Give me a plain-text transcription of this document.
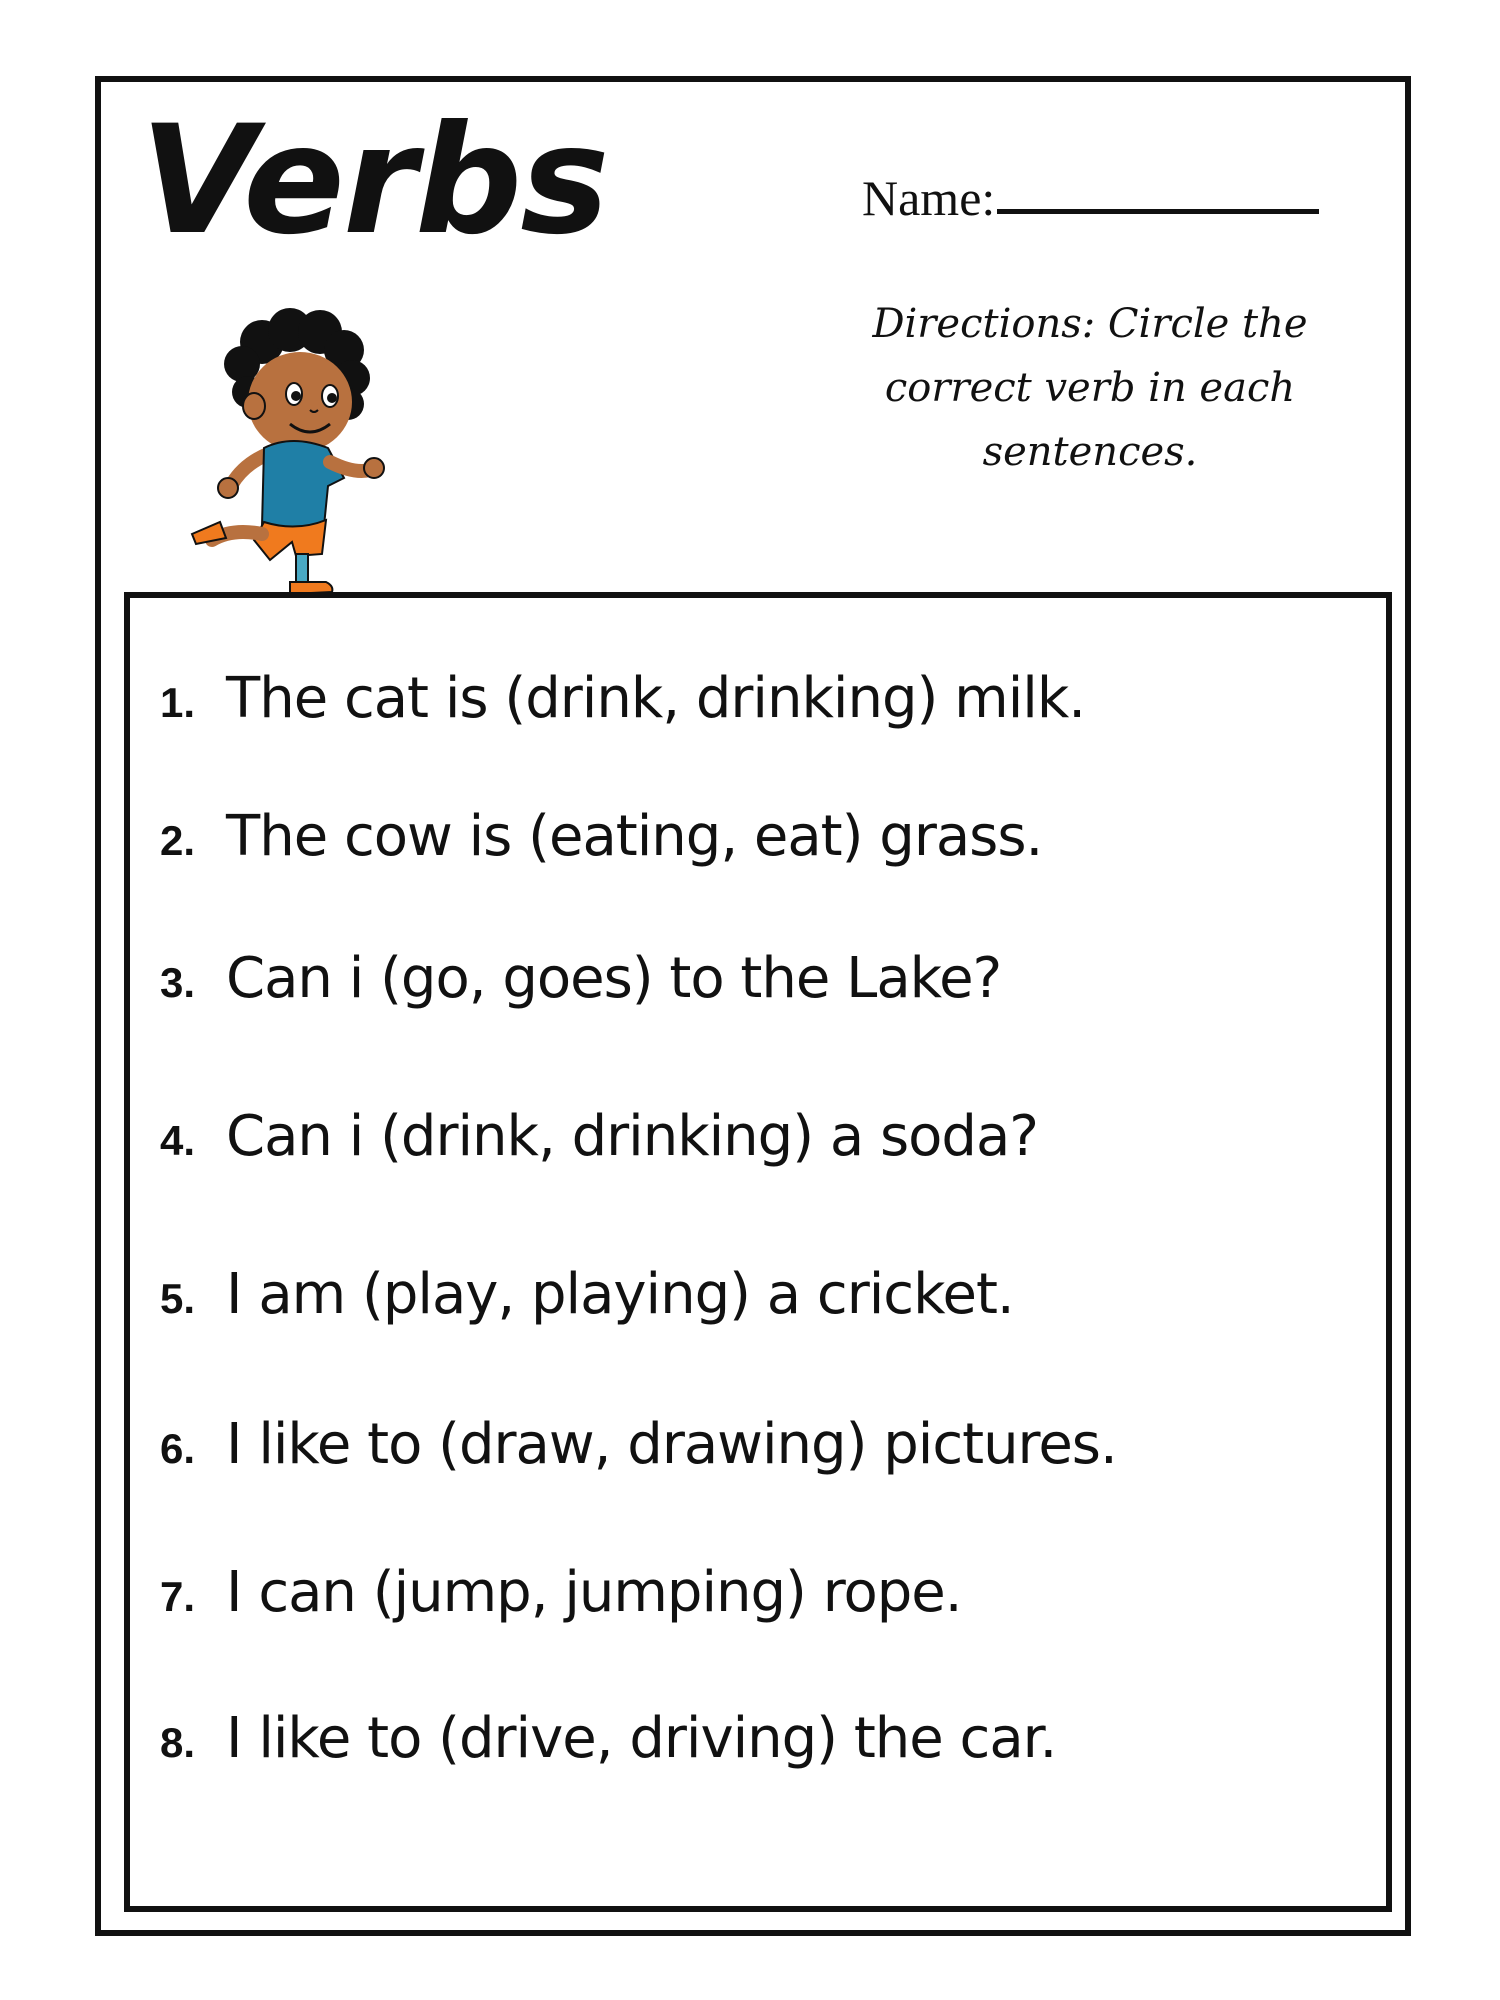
Verbs	Name:
Directions: Circle the correct verb in each sentences.
1. The cat is (drink, drinking) milk.
2. The cow is (eating, eat) grass.
3. Can i (go, goes) to the Lake?
4. Can i (drink, drinking) a soda?
5. I am (play, playing) a cricket.
6. I like to (draw, drawing) pictures.
7. I can (jump, jumping) rope.
8. I like to (drive, driving) the car.
